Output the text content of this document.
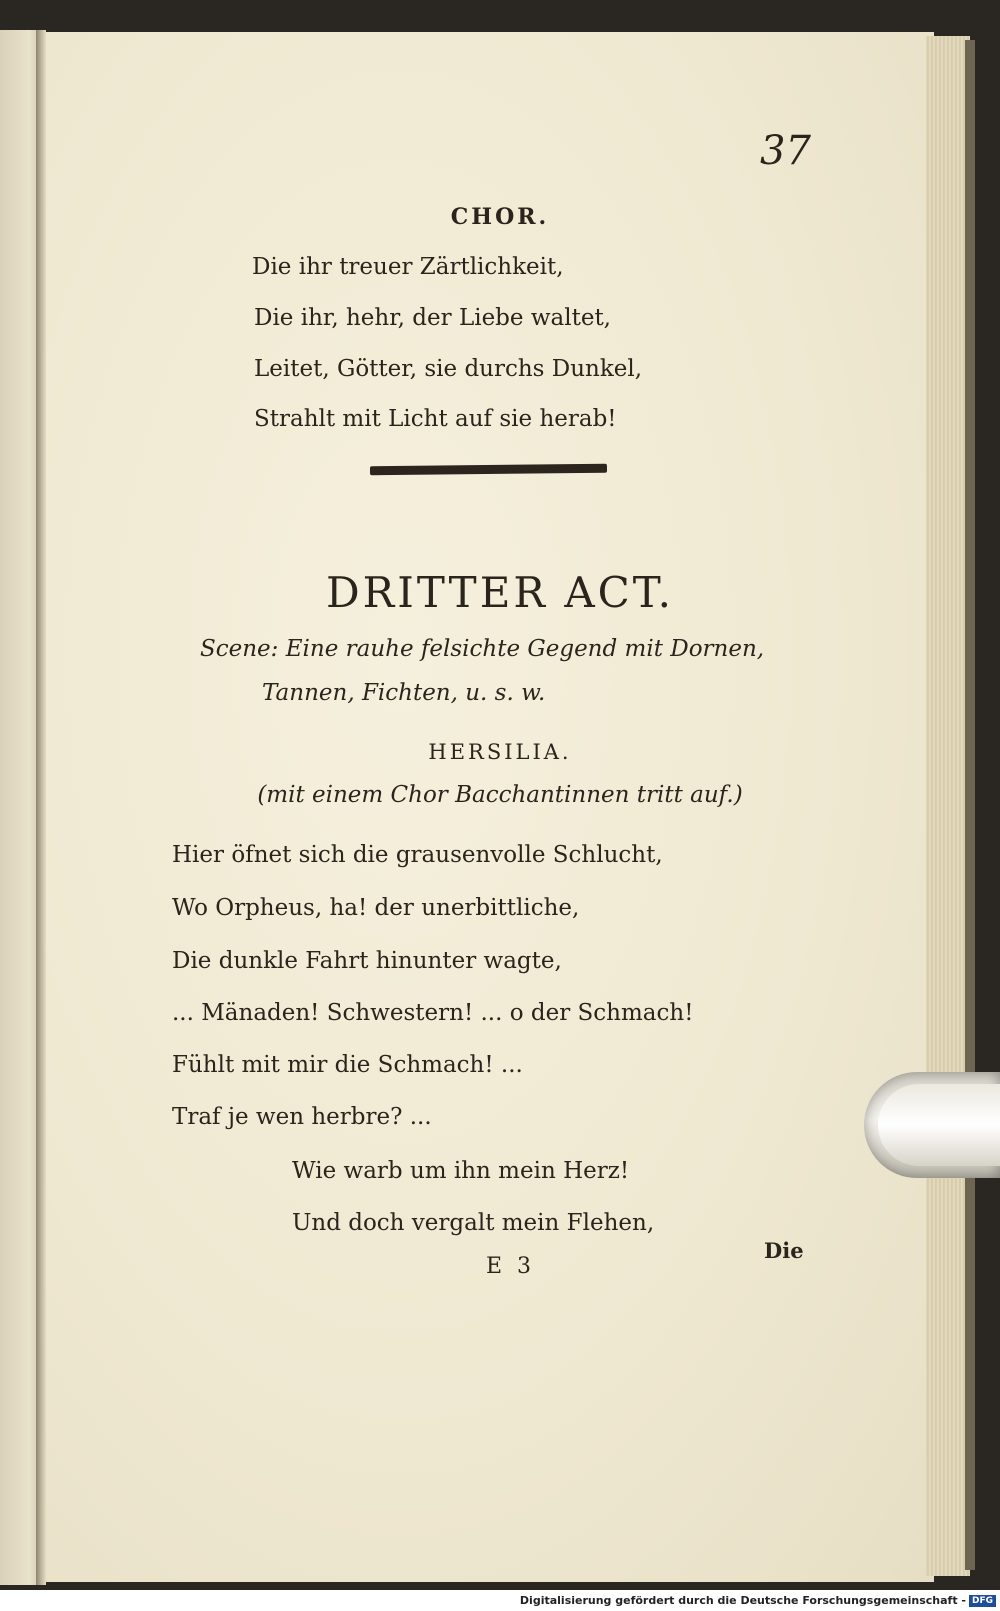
37
CHOR.
Die ihr treuer Zärtlichkeit,
Die ihr, hehr, der Liebe waltet,
Leitet, Götter, sie durchs Dunkel,
Strahlt mit Licht auf sie herab!
DRITTER ACT.
Scene: Eine rauhe felsichte Gegend mit Dornen,
Tannen, Fichten, u. s. w.
HERSILIA.
(mit einem Chor Bacchantinnen tritt auf.)
Hier öfnet sich die grausenvolle Schlucht,
Wo Orpheus, ha! der unerbittliche,
Die dunkle Fahrt hinunter wagte,
... Mänaden! Schwestern! ... o der Schmach!
Fühlt mit mir die Schmach! ...
Traf je wen herbre? ...
Wie warb um ihn mein Herz!
Und doch vergalt mein Flehen,
Die
E 3
Digitalisierung gefördert durch die Deutsche Forschungsgemeinschaft - DFG
